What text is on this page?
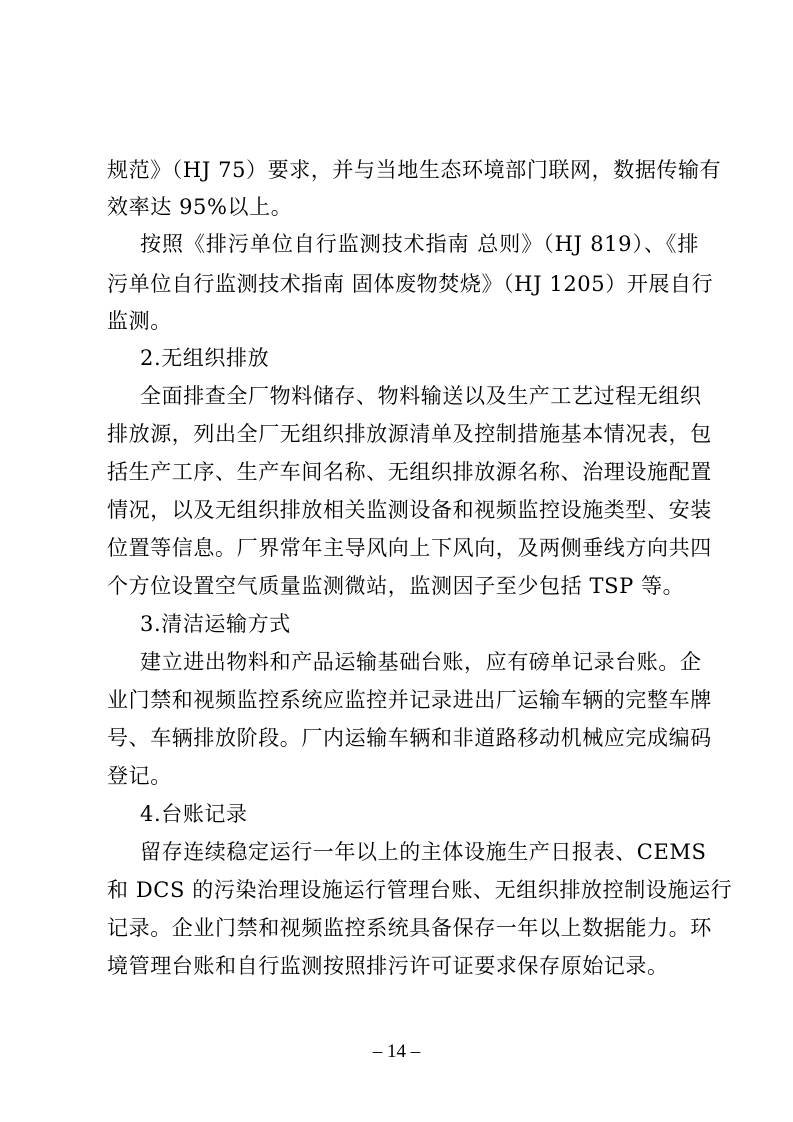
规范》（HJ 75）要求，并与当地生态环境部门联网，数据传输有
效率达 95%以上。
按照《排污单位自行监测技术指南 总则》（HJ 819）、《排
污单位自行监测技术指南 固体废物焚烧》（HJ 1205）开展自行
监测。
2.无组织排放
全面排查全厂物料储存、物料输送以及生产工艺过程无组织
排放源，列出全厂无组织排放源清单及控制措施基本情况表，包
括生产工序、生产车间名称、无组织排放源名称、治理设施配置
情况，以及无组织排放相关监测设备和视频监控设施类型、安装
位置等信息。厂界常年主导风向上下风向，及两侧垂线方向共四
个方位设置空气质量监测微站，监测因子至少包括 TSP 等。
3.清洁运输方式
建立进出物料和产品运输基础台账，应有磅单记录台账。企
业门禁和视频监控系统应监控并记录进出厂运输车辆的完整车牌
号、车辆排放阶段。厂内运输车辆和非道路移动机械应完成编码
登记。
4.台账记录
留存连续稳定运行一年以上的主体设施生产日报表、CEMS
和 DCS 的污染治理设施运行管理台账、无组织排放控制设施运行
记录。企业门禁和视频监控系统具备保存一年以上数据能力。环
境管理台账和自行监测按照排污许可证要求保存原始记录。
– 14 –
